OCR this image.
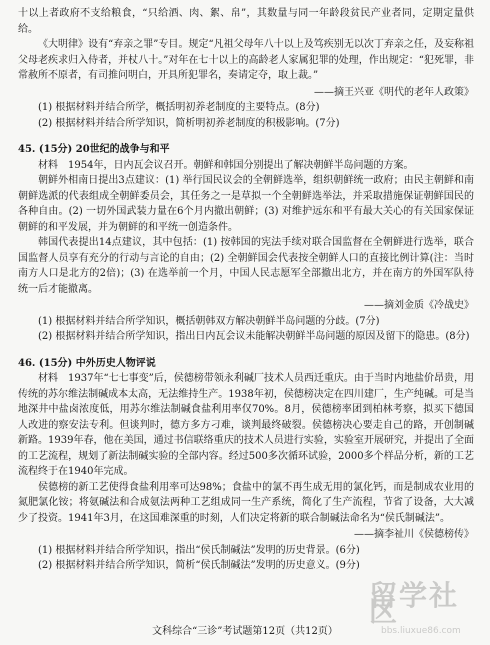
十以上者政府不支给粮食，“只给酒、肉、絮、帛”，其数量与同一年龄段贫民产业者同，定期定量供给。

《大明律》设有“弃亲之罪”专目。规定“凡祖父母年八十以上及笃疾别无以次丁弃亲之任，及妄称祖父母老疾求归入侍者，并杖八十。”对年在七十以上的高龄老人家属犯罪的处理，作出规定：“犯死罪，非常赦所不原者，有司推问明白，开具所犯罪名，奏请定夺，取上裁。”

——摘王兴亚《明代的老年人政策》

(1) 根据材料并结合所学，概括明初养老制度的主要特点。(8分)

(2) 根据材料并结合所学知识，简析明初养老制度的积极影响。(7分)

45. (15分) 20世纪的战争与和平

材料　1954年，日内瓦会议召开。朝鲜和韩国分别提出了解决朝鲜半岛问题的方案。

朝鲜外相南日提出3点建议：(1) 举行国民议会的全朝鲜选举，组织朝鲜统一政府；由民主朝鲜和南朝鲜选派的代表组成全朝鲜委员会，其任务之一是草拟一个全朝鲜选举法，并采取措施保证朝鲜国民的各种自由。(2) 一切外国武装力量在6个月内撤出朝鲜；(3) 对维护远东和平有最大关心的有关国家保证朝鲜的和平发展，并为朝鲜的和平统一创造条件。

韩国代表提出14点建议，其中包括：(1) 按韩国的宪法手续对联合国监督在全朝鲜进行选举，联合国监督人员享有充分的行动与言论的自由；(2) 全朝鲜国会代表按全朝鲜人口的直接比例计算(注：当时南方人口是北方的2倍)；(3) 在选举前一个月，中国人民志愿军全部撤出北方，并在南方的外国军队待统一后才能撤离。

——摘刘金质《冷战史》

(1) 根据材料并结合所学知识，概括朝韩双方解决朝鲜半岛问题的分歧。(7分)

(2) 根据材料并结合所学知识，指出日内瓦会议未能解决朝鲜半岛问题的原因及留下的隐患。(8分)

46. (15分) 中外历史人物评说

材料　1937年“七七事变”后，侯德榜带领永利碱厂技术人员西迁重庆。由于当时内地盐价昂贵，用传统的苏尔维法制碱成本太高，无法维持生产。1938年初，侯德榜决定在四川建厂，生产纯碱。可是当地深井中盐卤浓度低，用苏尔维法制碱食盐利用率仅70%。8月，侯德榜率团到柏林考察，拟买下德国人改进的察安法专利。但谈判时，德方多方刁难，谈判最终破裂。侯德榜决心要走自己的路，开创制碱新路。1939年春，他在美国，通过书信联络重庆的技术人员进行实验，实验室开展研究，并提出了全面的工艺流程，规划了新法制碱实验的全部内容。经过500多次循环试验，2000多个样品分析，新的工艺流程终于在1940年完成。

侯德榜的新工艺使得食盐利用率可达98%；食盐中的氯不再生成无用的氯化钙，而是制成农业用的氮肥氯化铵；将氨碱法和合成氨法两种工艺组成同一生产系统，简化了生产流程，节省了设备，大大减少了投资。1941年3月，在这国难深重的时刻，人们决定将新的联合制碱法命名为“侯氏制碱法”。

——摘李祉川《侯德榜传》

(1) 根据材料并结合所学知识，指出“侯氏制碱法”发明的历史背景。(6分)

(2) 根据材料并结合所学知识，简析“侯氏制碱法”发明的历史意义。(9分)

文科综合“三诊”考试题第12页（共12页）
留学社区
bbs.liuxue86.com
